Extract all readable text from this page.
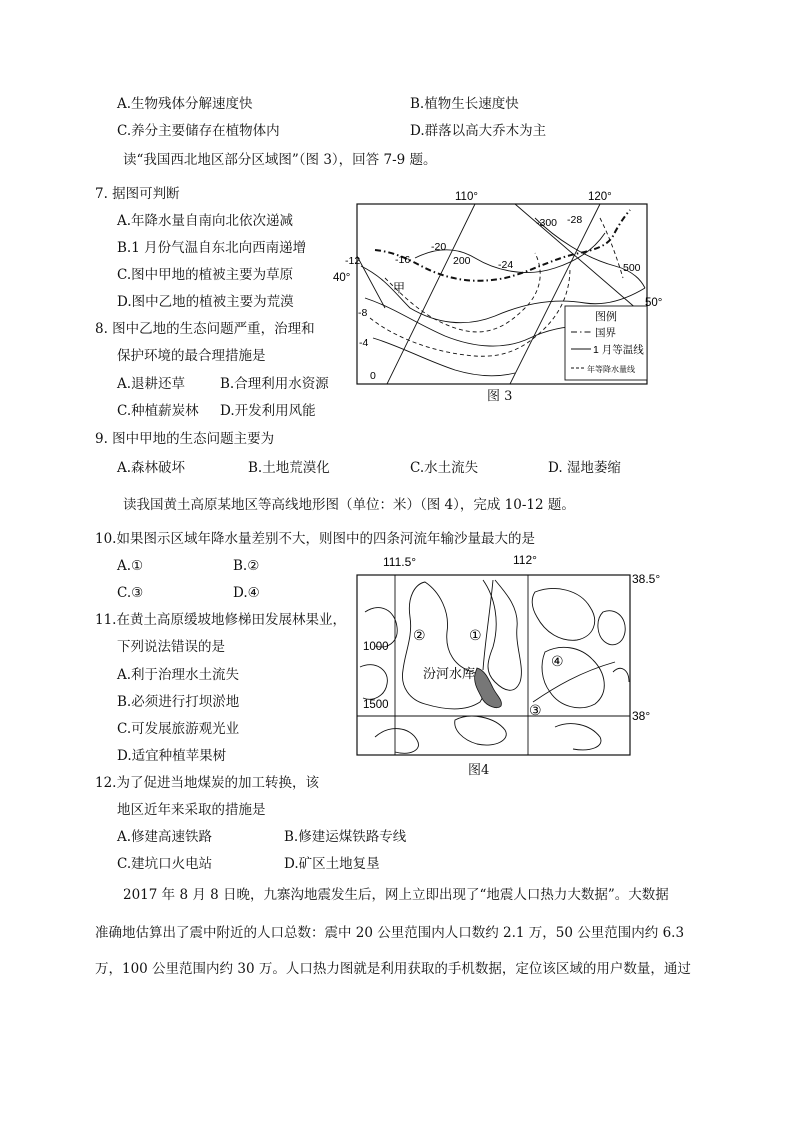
A.生物残体分解速度快	B.植物生长速度快
C.养分主要储存在植物体内	D.群落以高大乔木为主
读“我国西北地区部分区域图”（图 3），回答 7-9 题。
7. 据图可判断
A.年降水量自南向北依次递减
B.1 月份气温自东北向西南递增
C.图中甲地的植被主要为草原
D.图中乙地的植被主要为荒漠
8. 图中乙地的生态问题严重，治理和
保护环境的最合理措施是
A.退耕还草	B.合理利用水资源
C.种植薪炭林 D.开发利用风能
9. 图中甲地的生态问题主要为
A.森林破坏	B.土地荒漠化	C.水土流失	D. 湿地萎缩
读我国黄土高原某地区等高线地形图（单位：米）（图 4），完成 10-12 题。
图例
国界
1 月等温线
年等降水量线
110°	120°
40°
50°
-300 -28
-20
200	-24	500
-12	-16
甲
-8
-4
0
图 3
10.如果图示区域年降水量差别不大，则图中的四条河流年输沙量最大的是
A.①	B.②
C.③	D.④
11.在黄土高原缓坡地修梯田发展林果业，
下列说法错误的是
A.利于治理水土流失
B.必须进行打坝淤地
C.可发展旅游观光业
D.适宜种植苹果树
111.5°	112°
38.5°
38°
1000
1500
汾河水库
①
②
③
④
图4
12.为了促进当地煤炭的加工转换，该
地区近年来采取的措施是
A.修建高速铁路	B.修建运煤铁路专线
C.建坑口火电站	D.矿区土地复垦
2017 年 8 月 8 日晚，九寨沟地震发生后，网上立即出现了“地震人口热力大数据”。大数据
准确地估算出了震中附近的人口总数：震中 20 公里范围内人口数约 2.1 万，50 公里范围内约 6.3
万，100 公里范围内约 30 万。人口热力图就是利用获取的手机数据，定位该区域的用户数量，通过
